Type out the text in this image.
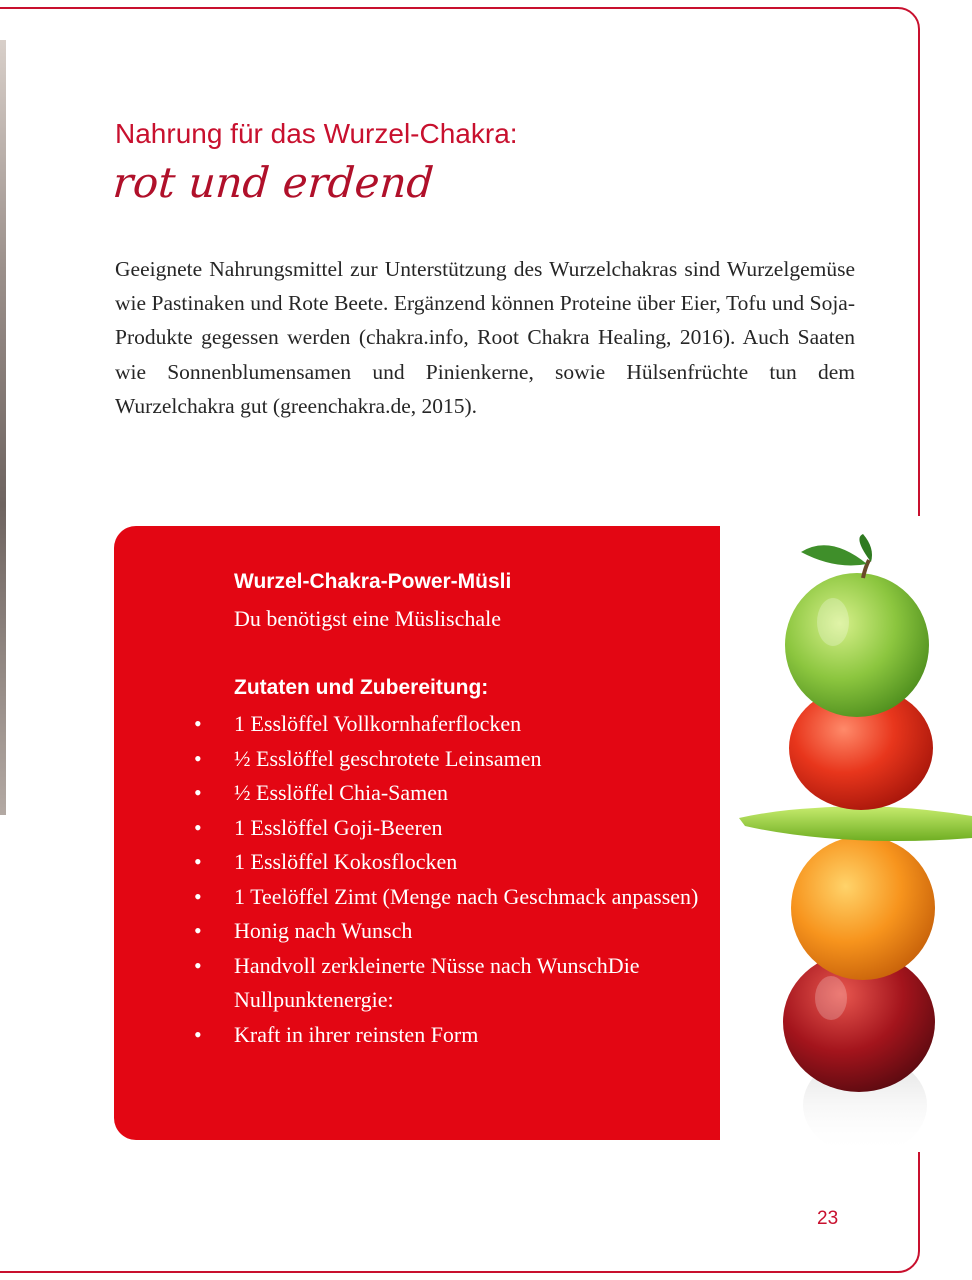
Nahrung für das Wurzel-Chakra:
rot und erdend

Geeignete Nahrungsmittel zur Unterstützung des Wurzelchakras sind Wurzelgemüse wie Pastinaken und Rote Beete. Ergänzend können Proteine über Eier, Tofu und Soja-Produkte gegessen werden (chakra.info, Root Chakra Healing, 2016). Auch Saaten wie Sonnenblumensamen und Pinienkerne, sowie Hülsenfrüchte tun dem Wurzelchakra gut (greenchakra.de, 2015).

Wurzel-Chakra-Power-Müsli

Du benötigst eine Müslischale

Zutaten und Zubereitung:
• 1 Esslöffel Vollkornhaferflocken
• ½ Esslöffel geschrotete Leinsamen
• ½ Esslöffel Chia-Samen
• 1 Esslöffel Goji-Beeren
• 1 Esslöffel Kokosflocken
• 1 Teelöffel Zimt (Menge nach Geschmack anpassen)
• Honig nach Wunsch
• Handvoll zerkleinerte Nüsse nach WunschDie Nullpunktenergie:
• Kraft in ihrer reinsten Form
23
